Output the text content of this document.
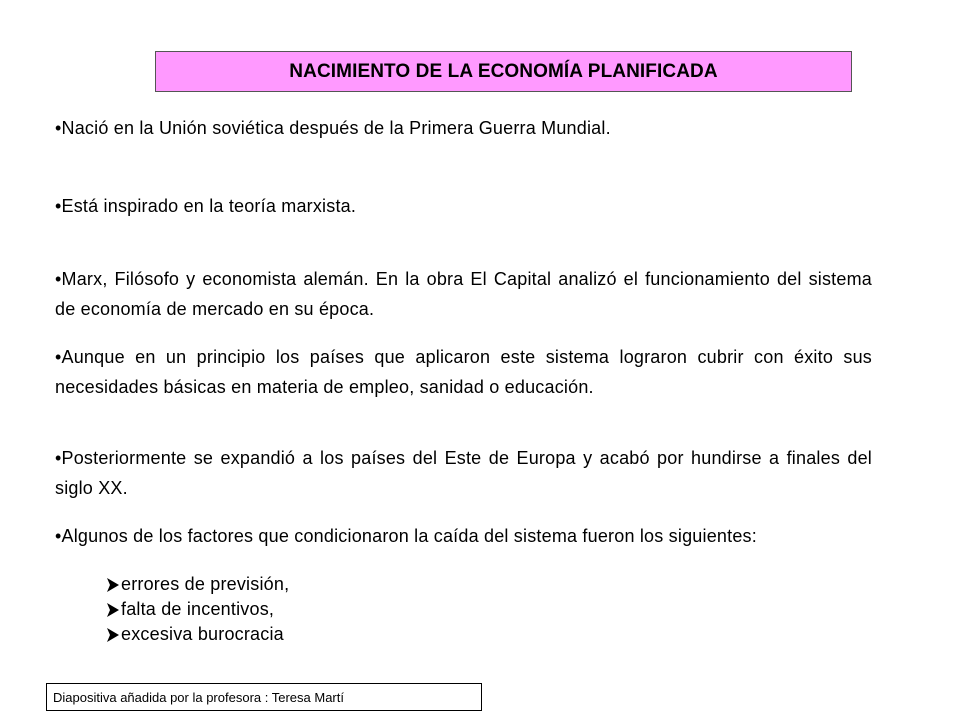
NACIMIENTO DE LA ECONOMÍA PLANIFICADA
•Nació en la Unión soviética después de la Primera Guerra Mundial.
•Está inspirado en la teoría marxista.
•Marx, Filósofo y economista alemán. En la obra El Capital analizó el funcionamiento del sistema de economía de mercado en su época.
•Aunque en un principio los países que aplicaron este sistema lograron cubrir con éxito sus necesidades básicas en materia de empleo, sanidad o educación.
•Posteriormente se expandió a los países del Este de Europa y acabó por hundirse a finales del siglo XX.
•Algunos de los factores que condicionaron la caída del sistema fueron los siguientes:
errores de previsión,
falta de incentivos,
excesiva burocracia
Diapositiva añadida por la profesora : Teresa Martí
